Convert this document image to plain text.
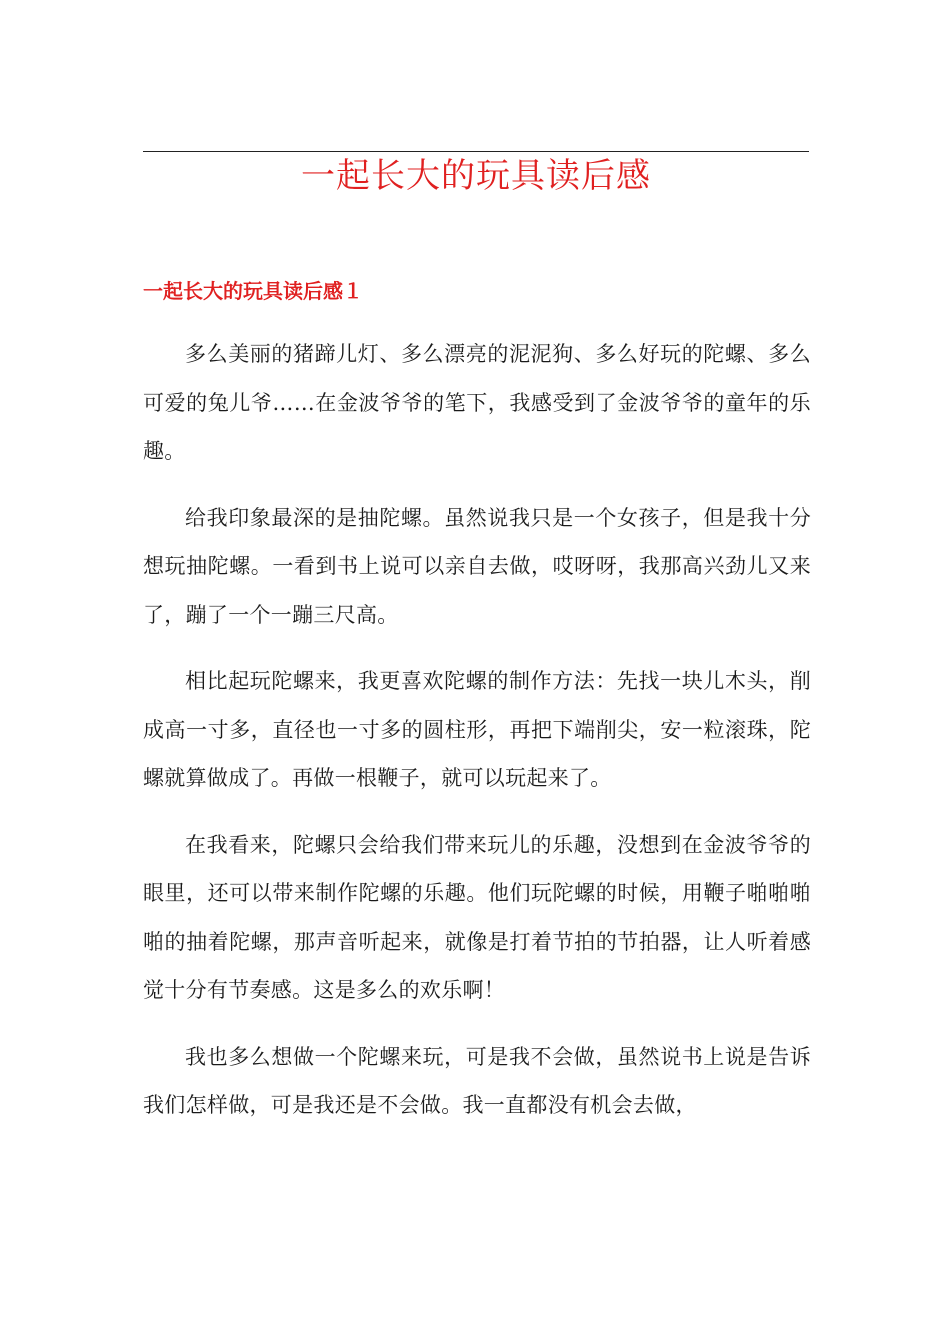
一起长大的玩具读后感
一起长大的玩具读后感１

多么美丽的猪蹄儿灯、多么漂亮的泥泥狗、多么好玩的陀螺、多么可爱的兔儿爷……在金波爷爷的笔下，我感受到了金波爷爷的童年的乐趣。

给我印象最深的是抽陀螺。虽然说我只是一个女孩子，但是我十分想玩抽陀螺。一看到书上说可以亲自去做，哎呀呀，我那高兴劲儿又来了，蹦了一个一蹦三尺高。

相比起玩陀螺来，我更喜欢陀螺的制作方法：先找一块儿木头，削成高一寸多，直径也一寸多的圆柱形，再把下端削尖，安一粒滚珠，陀螺就算做成了。再做一根鞭子，就可以玩起来了。

在我看来，陀螺只会给我们带来玩儿的乐趣，没想到在金波爷爷的眼里，还可以带来制作陀螺的乐趣。他们玩陀螺的时候，用鞭子啪啪啪啪的抽着陀螺，那声音听起来，就像是打着节拍的节拍器，让人听着感觉十分有节奏感。这是多么的欢乐啊！

我也多么想做一个陀螺来玩，可是我不会做，虽然说书上说是告诉我们怎样做，可是我还是不会做。我一直都没有机会去做，
